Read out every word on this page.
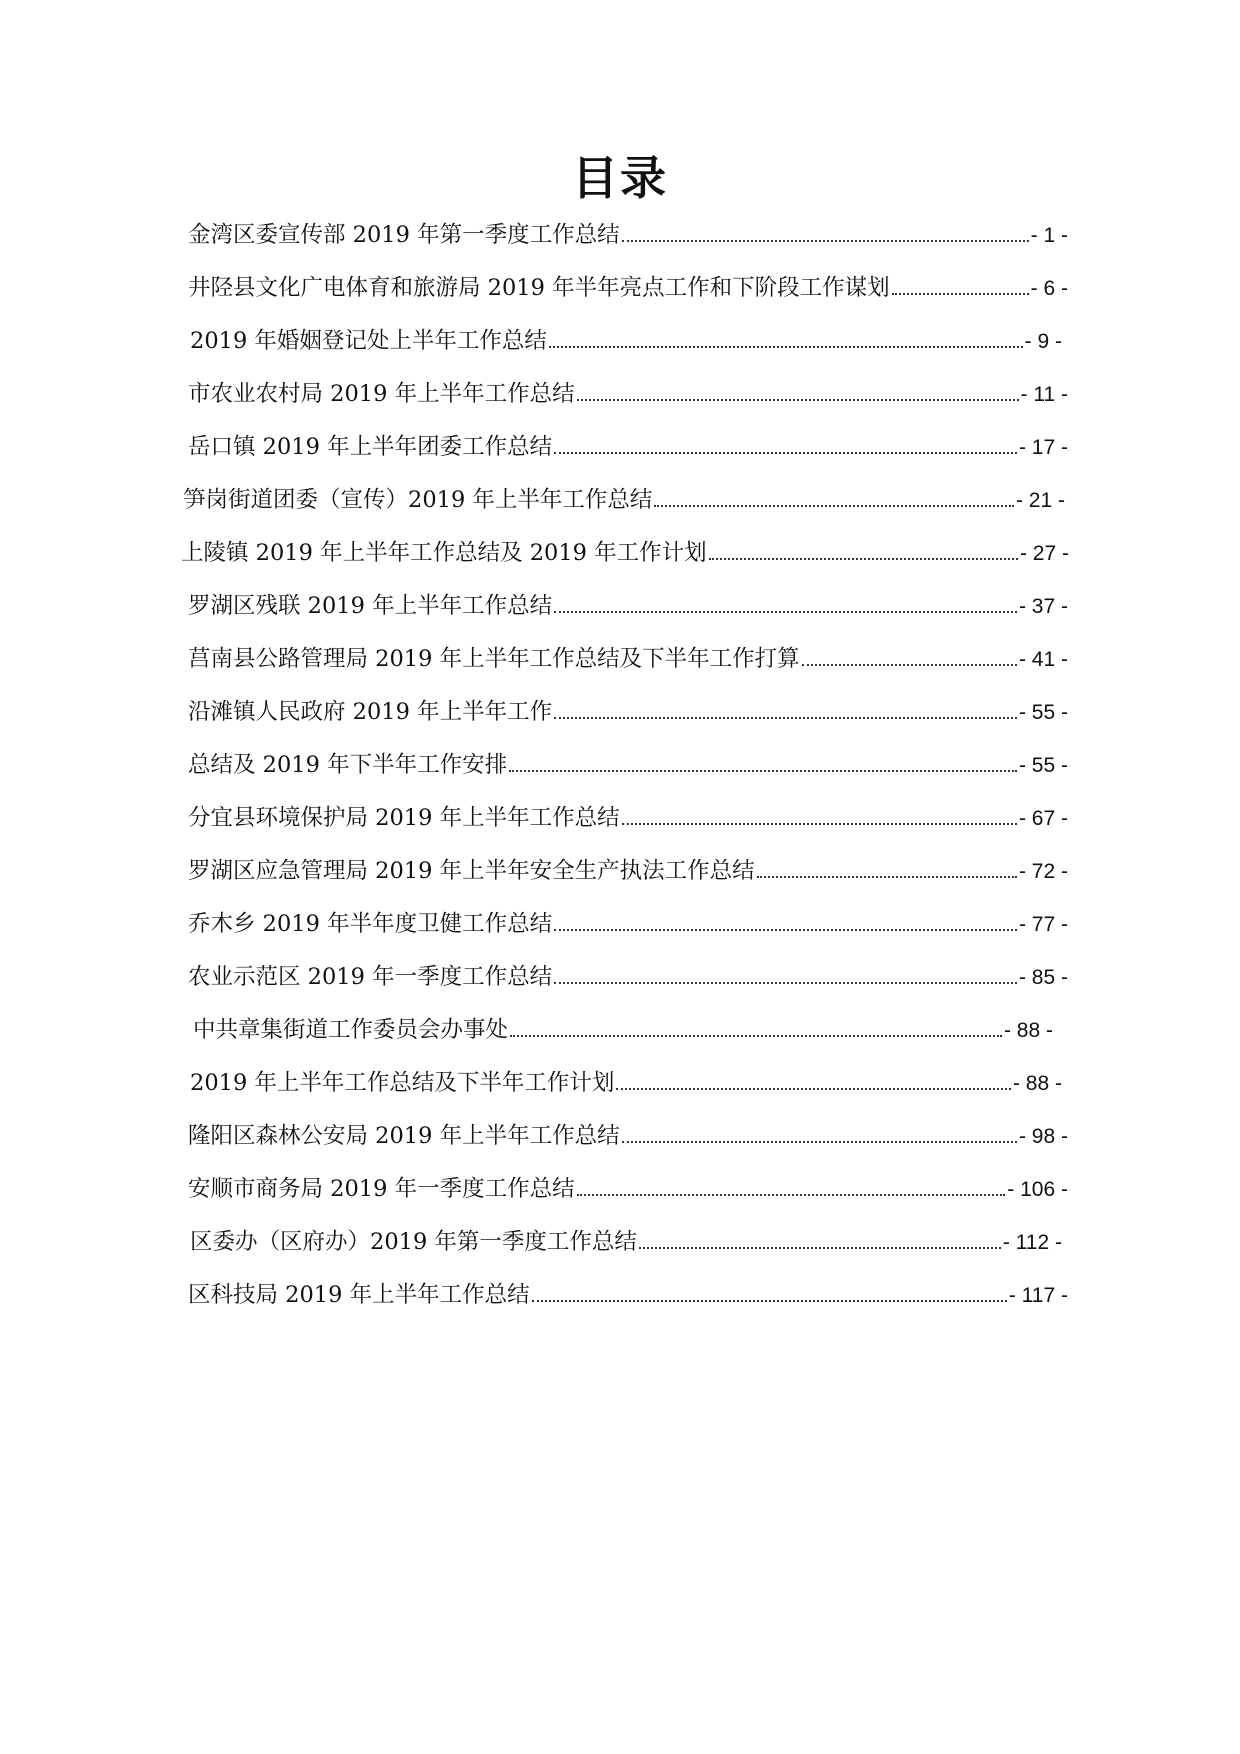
目录
金湾区委宣传部 2019 年第一季度工作总结	- 1 -
井陉县文化广电体育和旅游局 2019 年半年亮点工作和下阶段工作谋划	- 6 -
2019 年婚姻登记处上半年工作总结	- 9 -
市农业农村局 2019 年上半年工作总结	- 11 -
岳口镇 2019 年上半年团委工作总结	- 17 -
笋岗街道团委（宣传）2019 年上半年工作总结	- 21 -
上陵镇 2019 年上半年工作总结及 2019 年工作计划	- 27 -
罗湖区残联 2019 年上半年工作总结	- 37 -
莒南县公路管理局 2019 年上半年工作总结及下半年工作打算	- 41 -
沿滩镇人民政府 2019 年上半年工作	- 55 -
总结及 2019 年下半年工作安排	- 55 -
分宜县环境保护局 2019 年上半年工作总结	- 67 -
罗湖区应急管理局 2019 年上半年安全生产执法工作总结	- 72 -
乔木乡 2019 年半年度卫健工作总结	- 77 -
农业示范区 2019 年一季度工作总结	- 85 -
中共章集街道工作委员会办事处	- 88 -
2019 年上半年工作总结及下半年工作计划	- 88 -
隆阳区森林公安局 2019 年上半年工作总结	- 98 -
安顺市商务局 2019 年一季度工作总结	- 106 -
区委办（区府办）2019 年第一季度工作总结	- 112 -
区科技局 2019 年上半年工作总结	- 117 -
